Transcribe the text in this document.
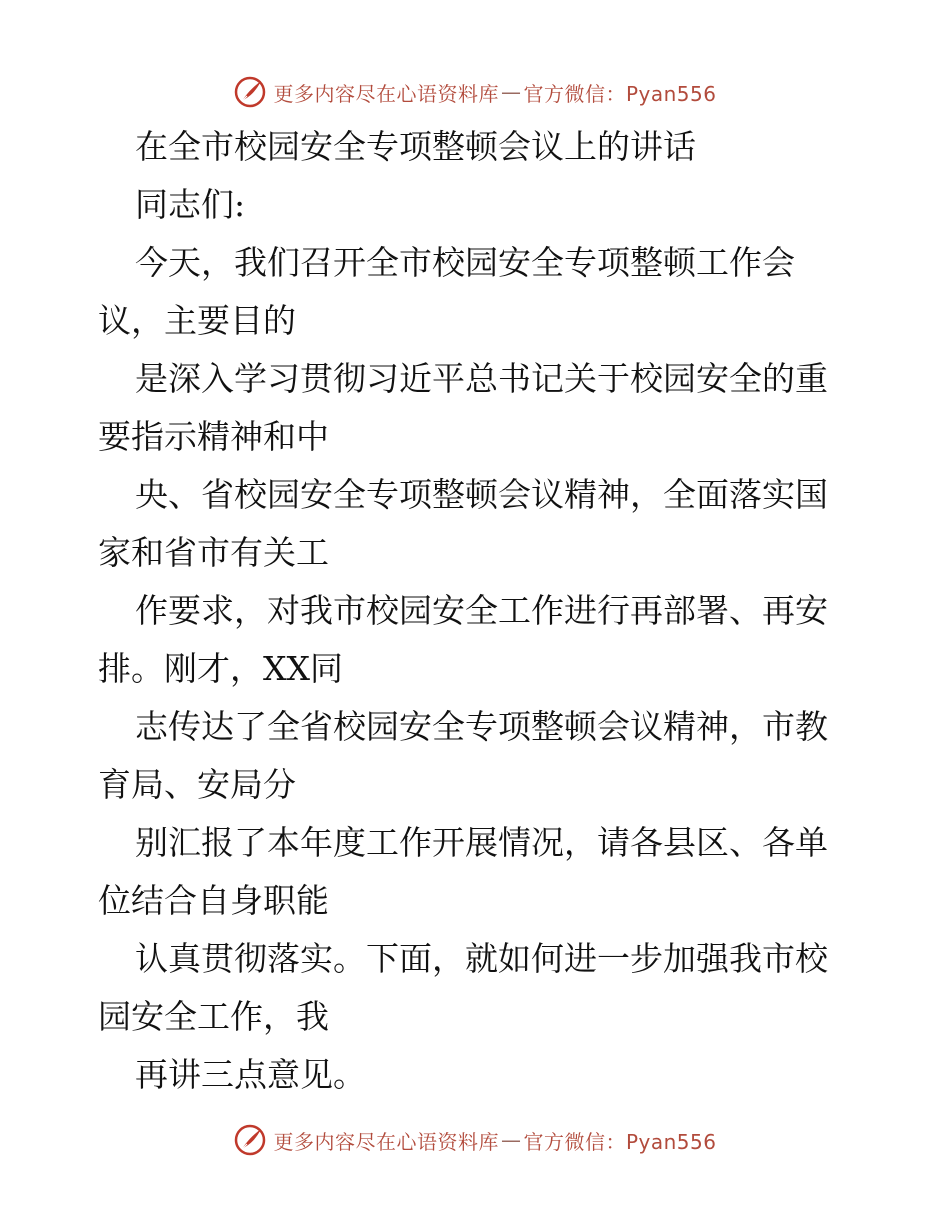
更多内容尽在心语资料库 — 官方微信：Pyan556
在全市校园安全专项整顿会议上的讲话
同志们:
今天，我们召开全市校园安全专项整顿工作会
议，主要目的
是深入学习贯彻习近平总书记关于校园安全的重
要指示精神和中
央、省校园安全专项整顿会议精神，全面落实国
家和省市有关工
作要求，对我市校园安全工作进行再部署、再安
排。刚才，XX同
志传达了全省校园安全专项整顿会议精神，市教
育局、安局分
别汇报了本年度工作开展情况，请各县区、各单
位结合自身职能
认真贯彻落实。下面，就如何进一步加强我市校
园安全工作，我
再讲三点意见。
更多内容尽在心语资料库 — 官方微信：Pyan556
